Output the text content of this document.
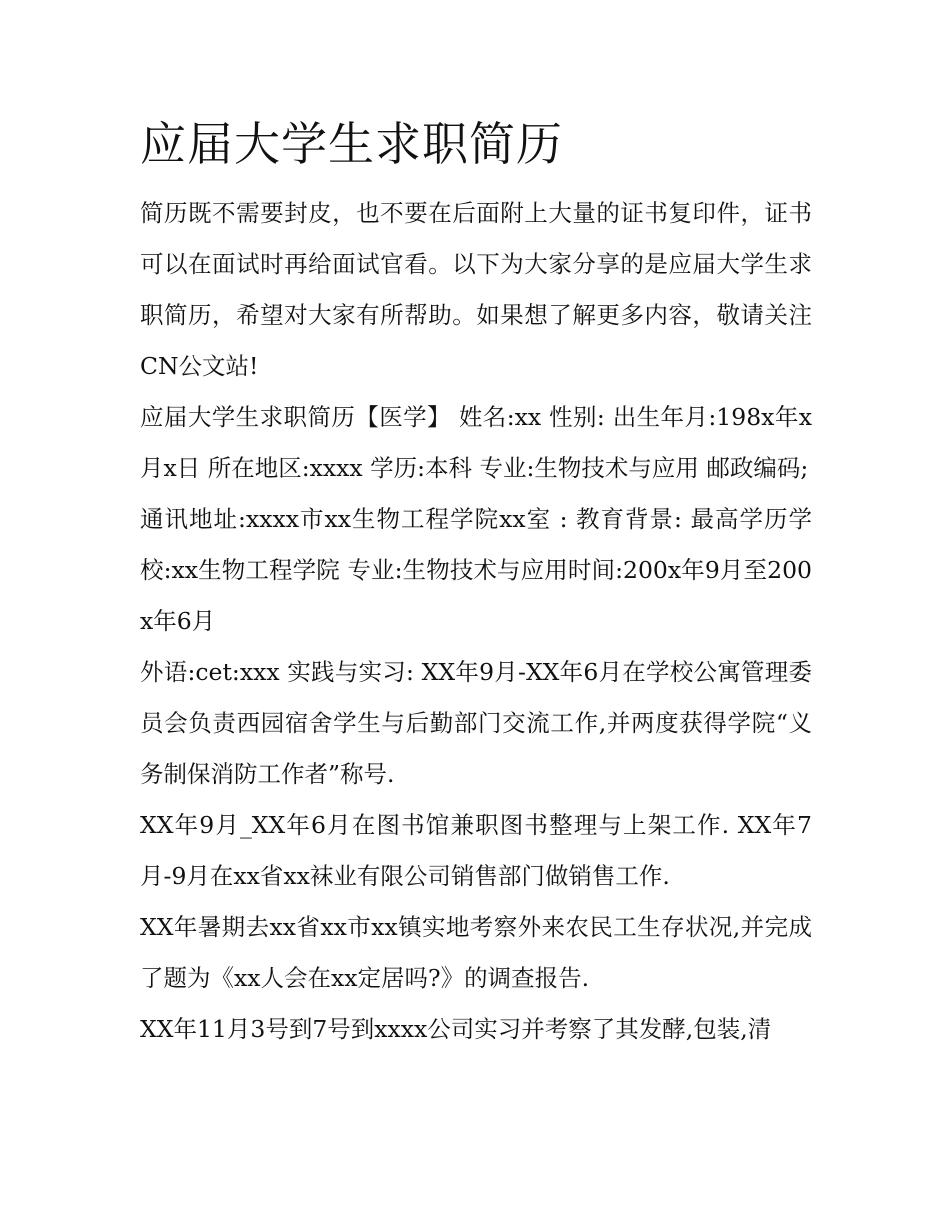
应届大学生求职简历

简历既不需要封皮，也不要在后面附上大量的证书复印件，证书可以在面试时再给面试官看。以下为大家分享的是应届大学生求职简历，希望对大家有所帮助。如果想了解更多内容，敬请关注CN公文站!

应届大学生求职简历【医学】 姓名:xx 性别: 出生年月:198x年x月x日 所在地区:xxxx 学历:本科 专业:生物技术与应用 邮政编码;

通讯地址:xxxx市xx生物工程学院xx室 : 教育背景: 最高学历学校:xx生物工程学院 专业:生物技术与应用时间:200x年9月至200x年6月

外语:cet:xxx 实践与实习: XX年9月-XX年6月在学校公寓管理委员会负责西园宿舍学生与后勤部门交流工作,并两度获得学院“义务制保消防工作者”称号.

XX年9月_XX年6月在图书馆兼职图书整理与上架工作. XX年7月-9月在xx省xx袜业有限公司销售部门做销售工作.

XX年暑期去xx省xx市xx镇实地考察外来农民工生存状况,并完成了题为《xx人会在xx定居吗?》的调查报告.

XX年11月3号到7号到xxxx公司实习并考察了其发酵,包装,清
